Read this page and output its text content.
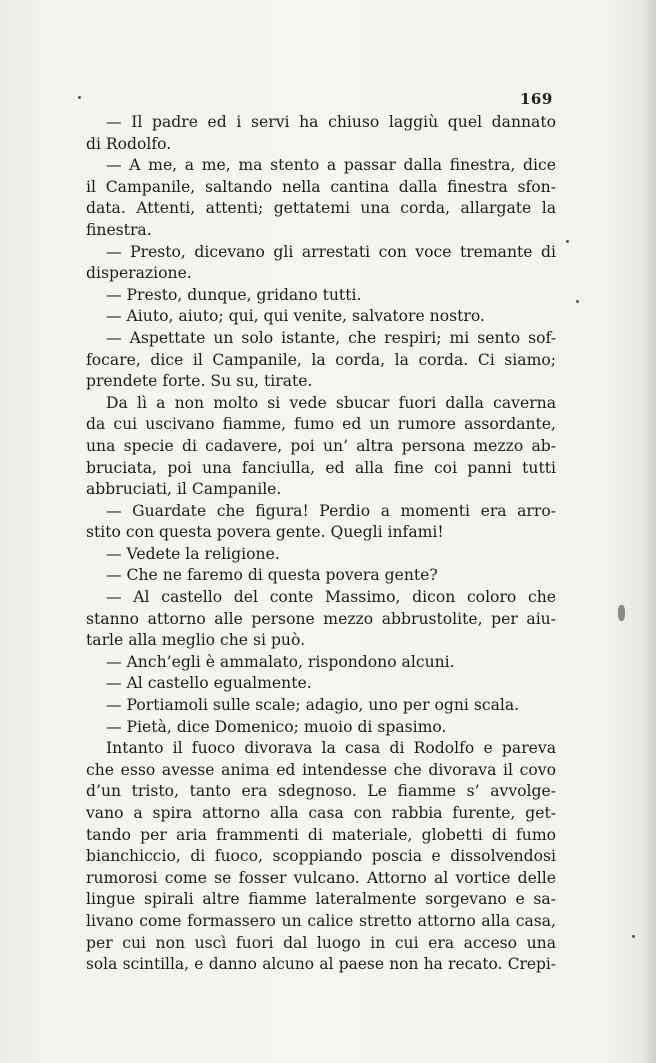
169
— Il padre ed i servi ha chiuso laggiù quel dannato
di Rodolfo.
— A me, a me, ma stento a passar dalla finestra, dice
il Campanile, saltando nella cantina dalla finestra sfon-
data. Attenti, attenti; gettatemi una corda, allargate la
finestra.
— Presto, dicevano gli arrestati con voce tremante di
disperazione.
— Presto, dunque, gridano tutti.
— Aiuto, aiuto; qui, qui venite, salvatore nostro.
— Aspettate un solo istante, che respiri; mi sento sof-
focare, dice il Campanile, la corda, la corda. Ci siamo;
prendete forte. Su su, tirate.
Da lì a non molto si vede sbucar fuori dalla caverna
da cui uscivano fiamme, fumo ed un rumore assordante,
una specie di cadavere, poi un’ altra persona mezzo ab-
bruciata, poi una fanciulla, ed alla fine coi panni tutti
abbruciati, il Campanile.
— Guardate che figura! Perdio a momenti era arro-
stito con questa povera gente. Quegli infami!
— Vedete la religione.
— Che ne faremo di questa povera gente?
— Al castello del conte Massimo, dicon coloro che
stanno attorno alle persone mezzo abbrustolite, per aiu-
tarle alla meglio che si può.
— Anch’egli è ammalato, rispondono alcuni.
— Al castello egualmente.
— Portiamoli sulle scale; adagio, uno per ogni scala.
— Pietà, dice Domenico; muoio di spasimo.
Intanto il fuoco divorava la casa di Rodolfo e pareva
che esso avesse anima ed intendesse che divorava il covo
d’un tristo, tanto era sdegnoso. Le fiamme s’ avvolge-
vano a spira attorno alla casa con rabbia furente, get-
tando per aria frammenti di materiale, globetti di fumo
bianchiccio, di fuoco, scoppiando poscia e dissolvendosi
rumorosi come se fosser vulcano. Attorno al vortice delle
lingue spirali altre fiamme lateralmente sorgevano e sa-
livano come formassero un calice stretto attorno alla casa,
per cui non uscì fuori dal luogo in cui era acceso una
sola scintilla, e danno alcuno al paese non ha recato. Crepi-
